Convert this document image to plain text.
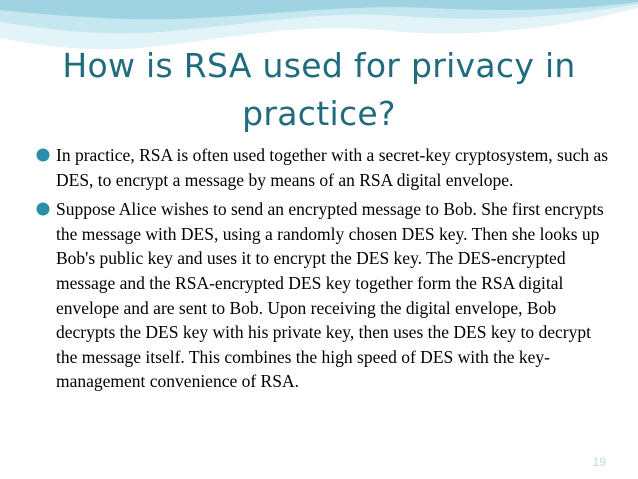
How is RSA used for privacy in
practice?
In practice, RSA is often used together with a secret-key cryptosystem, such as DES, to encrypt a message by means of an RSA digital envelope.
Suppose Alice wishes to send an encrypted message to Bob. She first encrypts the message with DES, using a randomly chosen DES key. Then she looks up Bob's public key and uses it to encrypt the DES key. The DES-encrypted message and the RSA-encrypted DES key together form the RSA digital envelope and are sent to Bob. Upon receiving the digital envelope, Bob decrypts the DES key with his private key, then uses the DES key to decrypt the message itself. This combines the high speed of DES with the key-management convenience of RSA.
19
